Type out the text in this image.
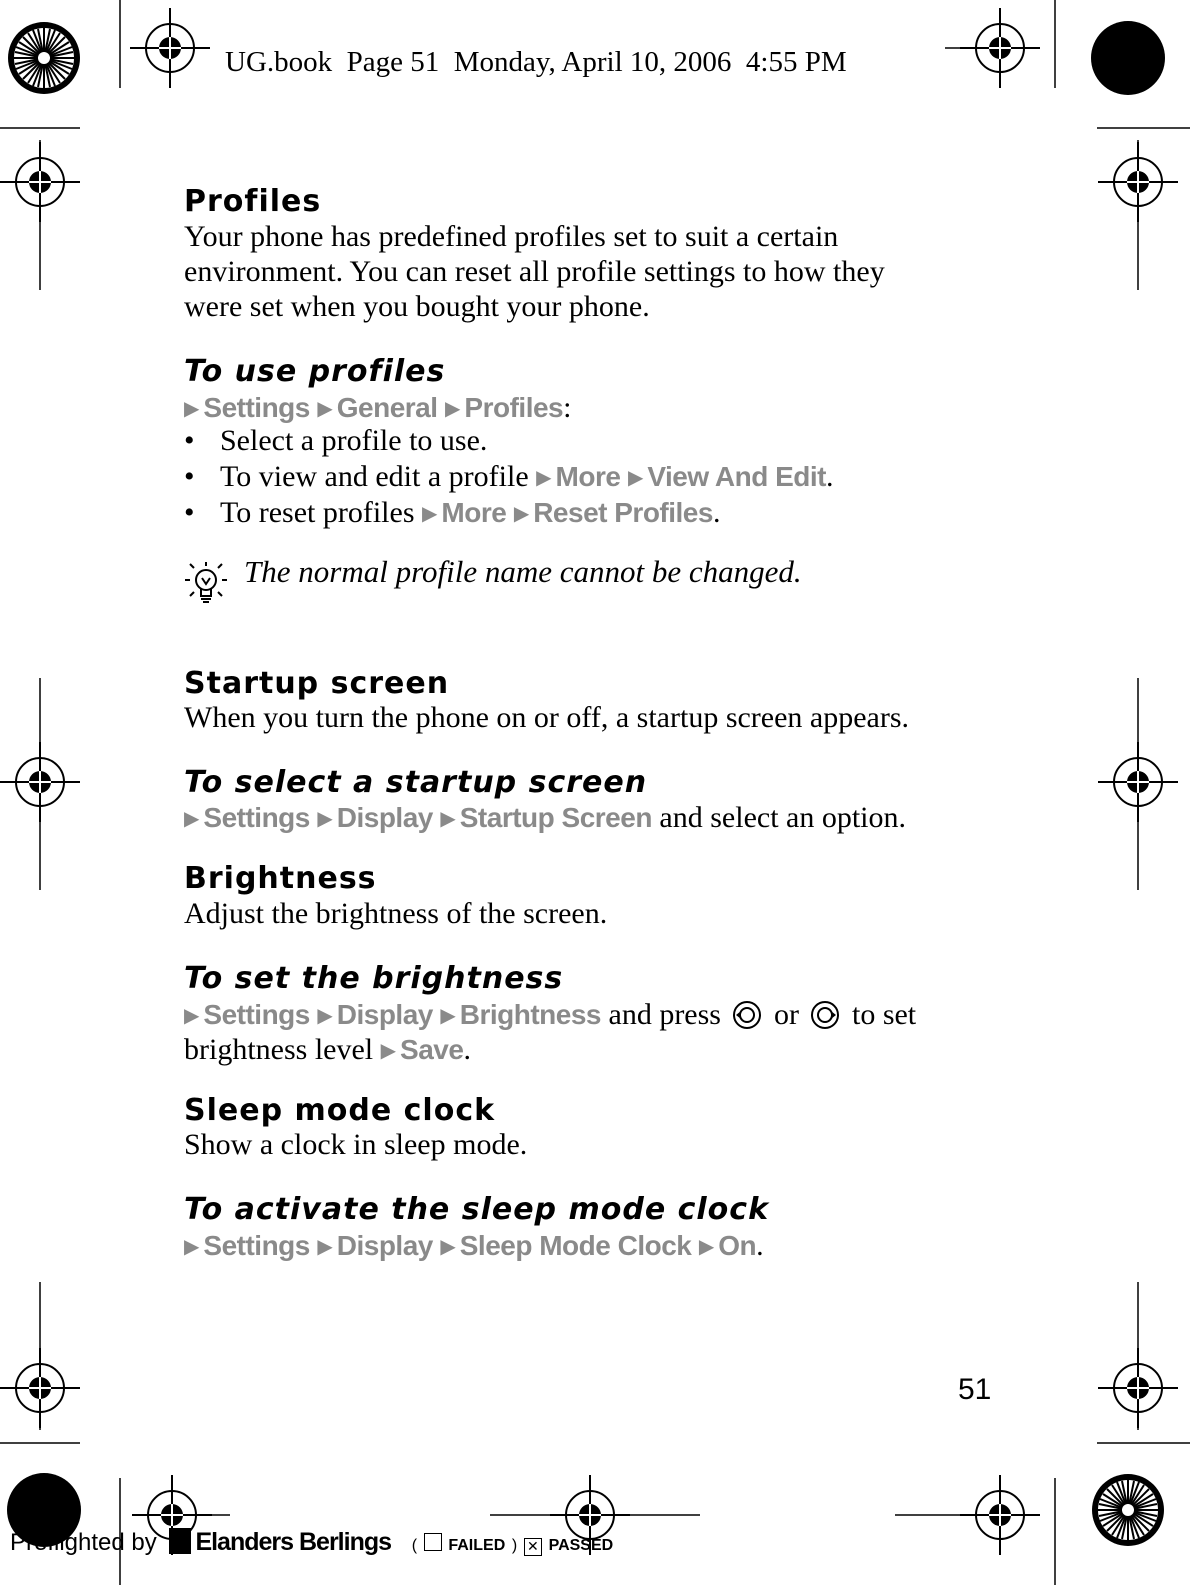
UG.book  Page 51  Monday, April 10, 2006  4:55 PM
Profiles
Your phone has predefined profiles set to suit a certain
environment. You can reset all profile settings to how they
were set when you bought your phone.
To use profiles
▶ Settings ▶ General ▶ Profiles:
• Select a profile to use.
• To view and edit a profile ▶ More ▶ View And Edit.
• To reset profiles ▶ More ▶ Reset Profiles.
The normal profile name cannot be changed.
Startup screen
When you turn the phone on or off, a startup screen appears.
To select a startup screen
▶ Settings ▶ Display ▶ Startup Screen and select an option.
Brightness
Adjust the brightness of the screen.
To set the brightness
▶ Settings ▶ Display ▶ Brightness and press  or  to set
brightness level ▶ Save.
Sleep mode clock
Show a clock in sleep mode.
To activate the sleep mode clock
▶ Settings ▶ Display ▶ Sleep Mode Clock ▶ On.
51
Preflighted by Elanders Berlings ( FAILED ) ✕ PASSED
